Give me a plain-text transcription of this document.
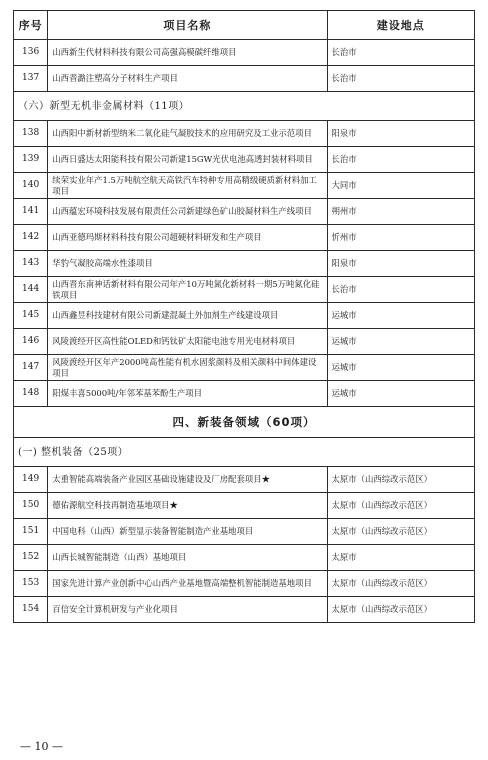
序号	项目名称	建设地点
136	山西新生代材料科技有限公司高强高模碳纤维项目	长治市
137	山西晋潞注塑高分子材料生产项目	长治市
（六）新型无机非金属材料（11项）		
138	山西阳中新材新型纳米二氧化硅气凝胶技术的应用研究及工业示范项目	阳泉市
139	山西日盛达太阳能科技有限公司新建15GW光伏电池高透封装材料项目	长治市
140	续荣实业年产1.5万吨航空航天高铁汽车特种专用高精级硬质新材料加工项目	大同市
141	山西蕴宏环境科技发展有限责任公司新建绿色矿山胶凝材料生产线项目	朔州市
142	山西亚德玛斯材料科技有限公司超硬材料研发和生产项目	忻州市
143	华豹气凝胶高端水性漆项目	阳泉市
144	山西晋东南神话新材料有限公司年产10万吨氮化新材料一期5万吨氮化硅铁项目	长治市
145	山西鑫昱科技建材有限公司新建混凝土外加剂生产线建设项目	运城市
146	风陵渡经开区高性能OLED和钙钛矿太阳能电池专用光电材料项目	运城市
147	风陵渡经开区年产2000吨高性能有机水固浆颜料及相关颜料中间体建设项目	运城市
148	阳煤丰喜5000吨/年邻苯基苯酚生产项目	运城市
四、新装备领域（60项）		
(一) 整机装备（25项）		
149	太重智能高端装备产业园区基础设施建设及厂房配套项目★	太原市（山西综改示范区）
150	德佑源航空科技再制造基地项目★	太原市（山西综改示范区）
151	中国电科（山西）新型显示装备智能制造产业基地项目	太原市（山西综改示范区）
152	山西长城智能制造（山西）基地项目	太原市
153	国家先进计算产业创新中心山西产业基地暨高端整机智能制造基地项目	太原市（山西综改示范区）
154	百信安全计算机研发与产业化项目	太原市（山西综改示范区）
— 10 —
